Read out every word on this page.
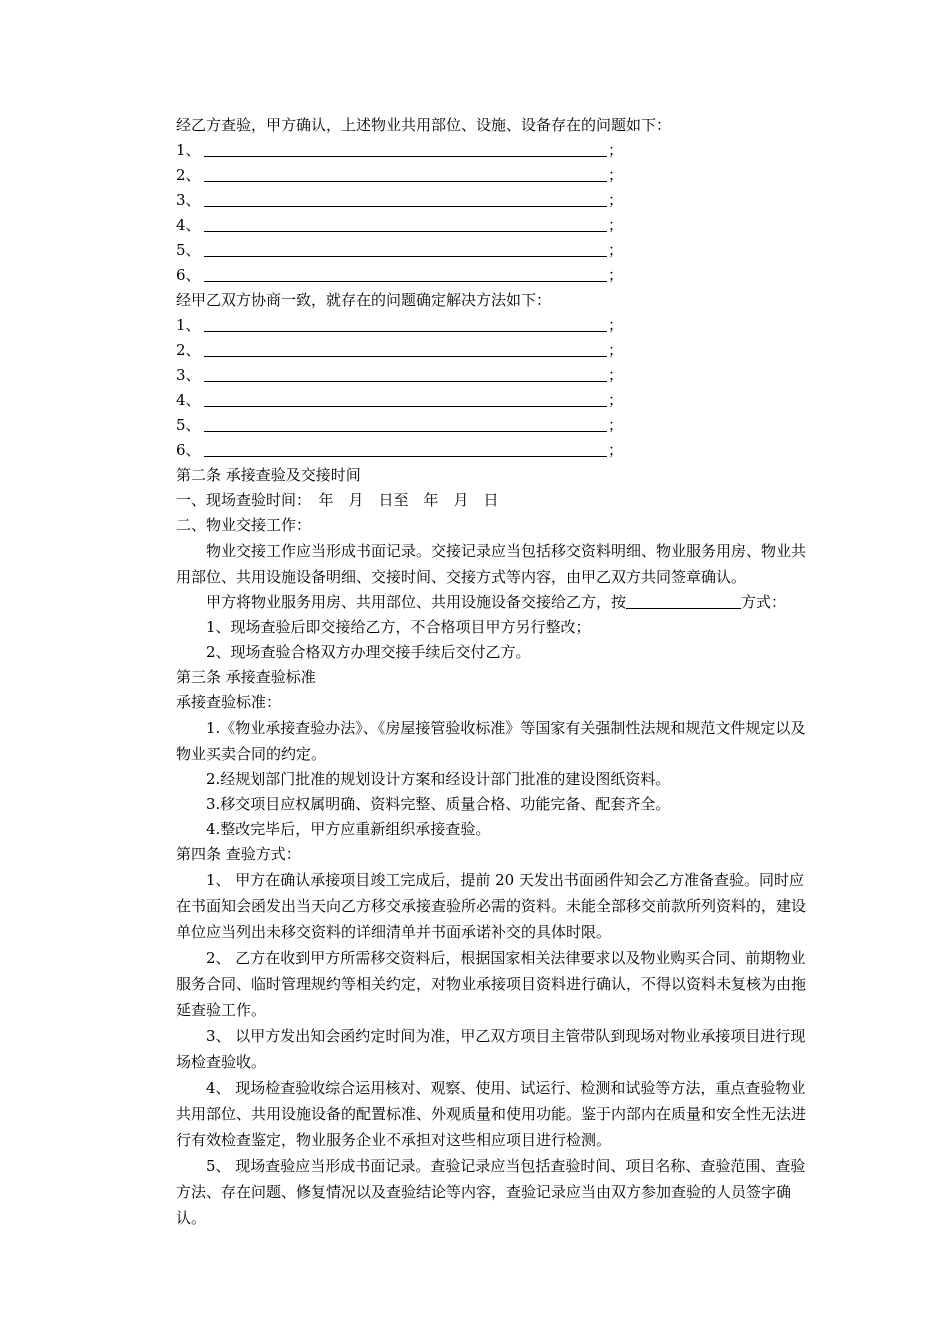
经乙方查验，甲方确认，上述物业共用部位、设施、设备存在的问题如下：
1、	；
2、	；
3、	；
4、	；
5、	；
6、	；
经甲乙双方协商一致，就存在的问题确定解决方法如下：
1、	；
2、	；
3、	；
4、	；
5、	；
6、	；
第二条 承接查验及交接时间
一、现场查验时间：　年　月　日至　年　月　日
二、物业交接工作：
物业交接工作应当形成书面记录。交接记录应当包括移交资料明细、物业服务用房、物业共用部位、共用设施设备明细、交接时间、交接方式等内容，由甲乙双方共同签章确认。
甲方将物业服务用房、共用部位、共用设施设备交接给乙方，按	方式：
1、现场查验后即交接给乙方，不合格项目甲方另行整改；
2、现场查验合格双方办理交接手续后交付乙方。
第三条 承接查验标准
承接查验标准：
1.《物业承接查验办法》、《房屋接管验收标准》等国家有关强制性法规和规范文件规定以及物业买卖合同的约定。
2.经规划部门批准的规划设计方案和经设计部门批准的建设图纸资料。
3.移交项目应权属明确、资料完整、质量合格、功能完备、配套齐全。
4.整改完毕后，甲方应重新组织承接查验。
第四条 查验方式：
1、 甲方在确认承接项目竣工完成后，提前 20 天发出书面函件知会乙方准备查验。同时应在书面知会函发出当天向乙方移交承接查验所必需的资料。未能全部移交前款所列资料的，建设单位应当列出未移交资料的详细清单并书面承诺补交的具体时限。
2、 乙方在收到甲方所需移交资料后，根据国家相关法律要求以及物业购买合同、前期物业服务合同、临时管理规约等相关约定，对物业承接项目资料进行确认，不得以资料未复核为由拖延查验工作。
3、 以甲方发出知会函约定时间为准，甲乙双方项目主管带队到现场对物业承接项目进行现场检查验收。
4、 现场检查验收综合运用核对、观察、使用、试运行、检测和试验等方法，重点查验物业共用部位、共用设施设备的配置标准、外观质量和使用功能。鉴于内部内在质量和安全性无法进行有效检查鉴定，物业服务企业不承担对这些相应项目进行检测。
5、 现场查验应当形成书面记录。查验记录应当包括查验时间、项目名称、查验范围、查验方法、存在问题、修复情况以及查验结论等内容，查验记录应当由双方参加查验的人员签字确认。
